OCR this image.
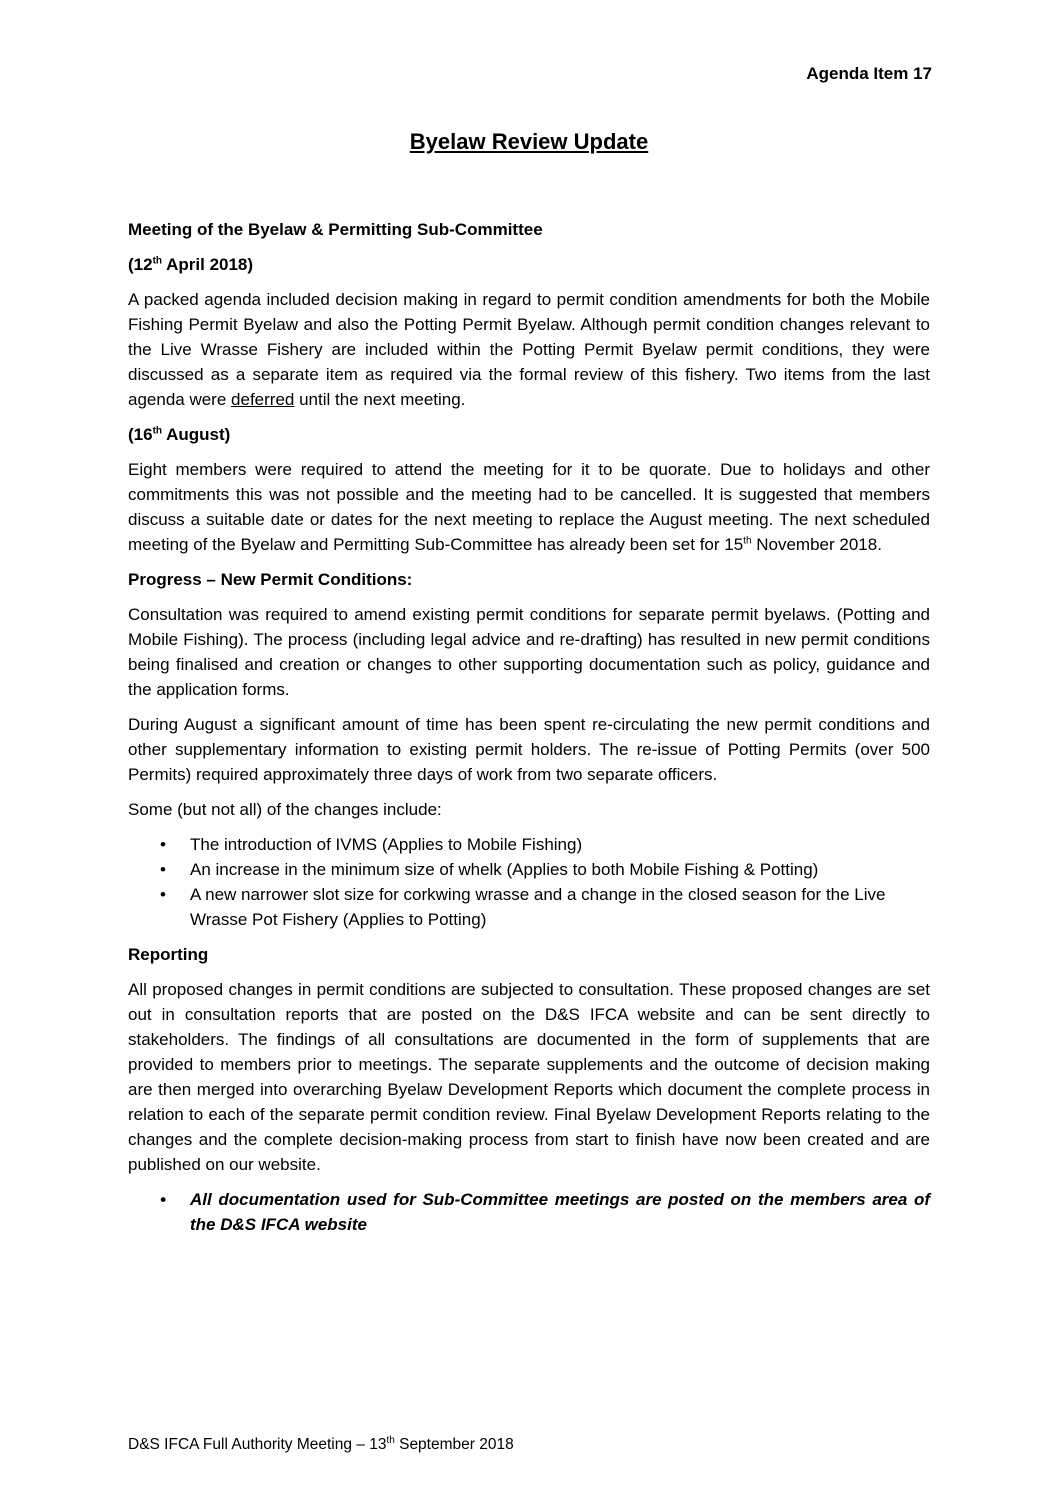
Agenda Item 17
Byelaw Review Update

Meeting of the Byelaw & Permitting Sub-Committee

(12th April 2018)

A packed agenda included decision making in regard to permit condition amendments for both the Mobile Fishing Permit Byelaw and also the Potting Permit Byelaw. Although permit condition changes relevant to the Live Wrasse Fishery are included within the Potting Permit Byelaw permit conditions, they were discussed as a separate item as required via the formal review of this fishery. Two items from the last agenda were deferred until the next meeting.

(16th August)

Eight members were required to attend the meeting for it to be quorate. Due to holidays and other commitments this was not possible and the meeting had to be cancelled. It is suggested that members discuss a suitable date or dates for the next meeting to replace the August meeting. The next scheduled meeting of the Byelaw and Permitting Sub-Committee has already been set for 15th November 2018.

Progress – New Permit Conditions:

Consultation was required to amend existing permit conditions for separate permit byelaws. (Potting and Mobile Fishing). The process (including legal advice and re-drafting) has resulted in new permit conditions being finalised and creation or changes to other supporting documentation such as policy, guidance and the application forms.

During August a significant amount of time has been spent re-circulating the new permit conditions and other supplementary information to existing permit holders. The re-issue of Potting Permits (over 500 Permits) required approximately three days of work from two separate officers.

Some (but not all) of the changes include:

• The introduction of IVMS (Applies to Mobile Fishing)
• An increase in the minimum size of whelk (Applies to both Mobile Fishing & Potting)
• A new narrower slot size for corkwing wrasse and a change in the closed season for the Live Wrasse Pot Fishery (Applies to Potting)

Reporting

All proposed changes in permit conditions are subjected to consultation. These proposed changes are set out in consultation reports that are posted on the D&S IFCA website and can be sent directly to stakeholders. The findings of all consultations are documented in the form of supplements that are provided to members prior to meetings. The separate supplements and the outcome of decision making are then merged into overarching Byelaw Development Reports which document the complete process in relation to each of the separate permit condition review. Final Byelaw Development Reports relating to the changes and the complete decision-making process from start to finish have now been created and are published on our website.

• All documentation used for Sub-Committee meetings are posted on the members area of the D&S IFCA website
D&S IFCA Full Authority Meeting – 13th September 2018
